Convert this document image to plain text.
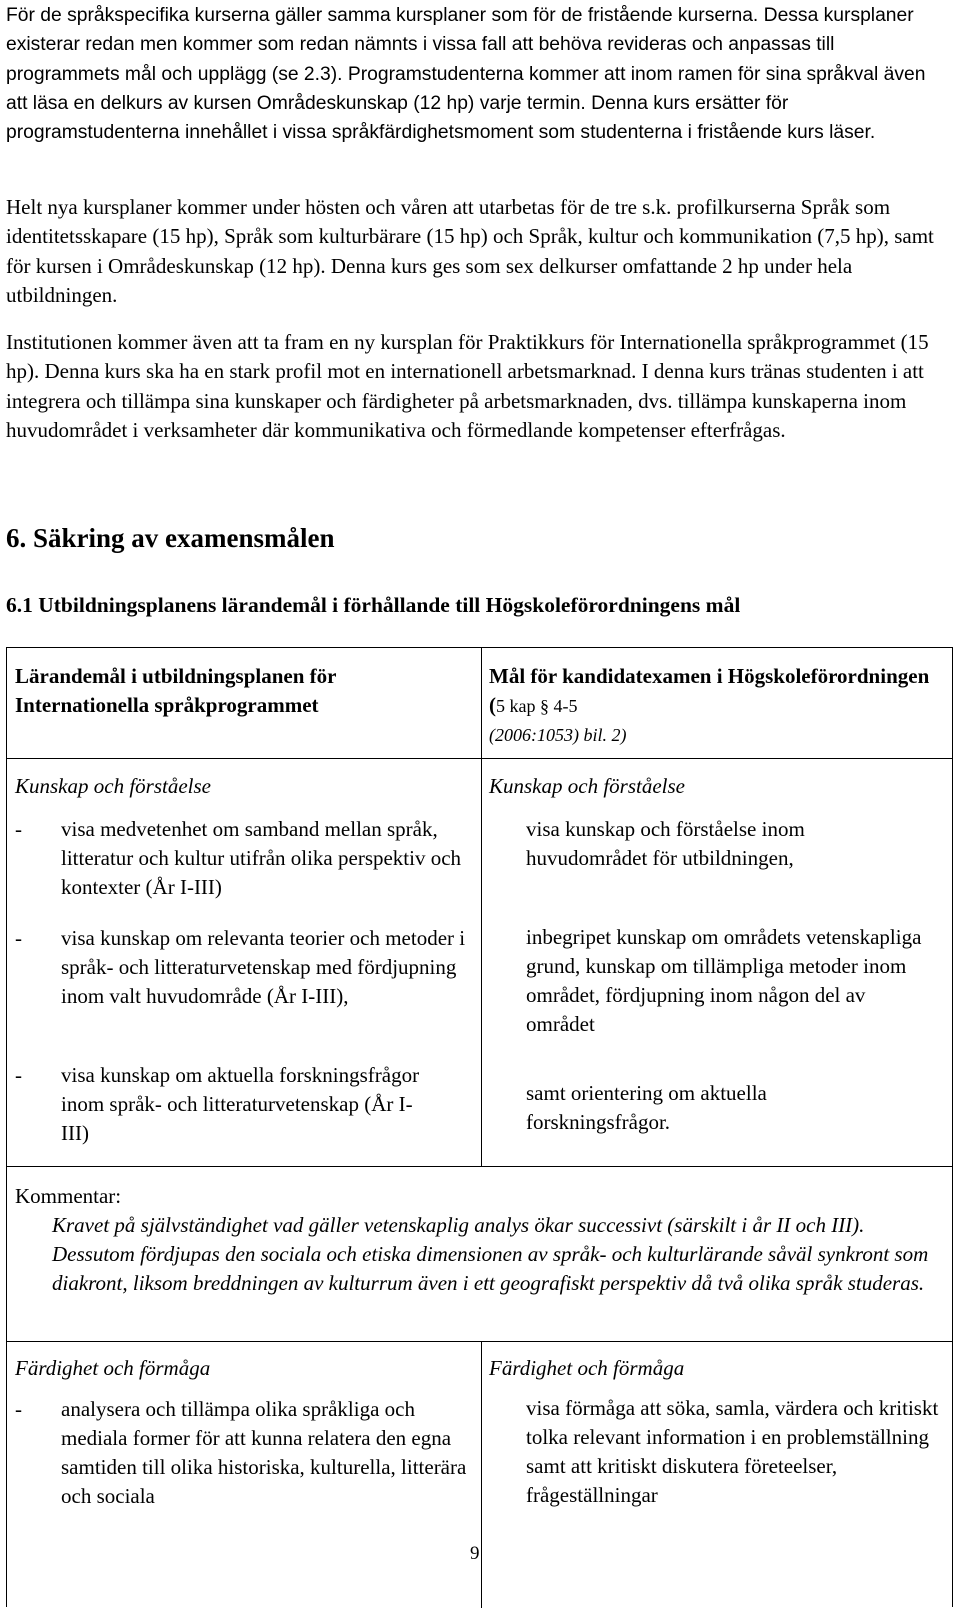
För de språkspecifika kurserna gäller samma kursplaner som för de fristående kurserna. Dessa kursplaner existerar redan men kommer som redan nämnts i vissa fall att behöva revideras och anpassas till programmets mål och upplägg (se 2.3). Programstudenterna kommer att inom ramen för sina språkval även att läsa en delkurs av kursen Områdeskunskap (12 hp) varje termin. Denna kurs ersätter för programstudenterna innehållet i vissa språkfärdighetsmoment som studenterna i fristående kurs läser.

Helt nya kursplaner kommer under hösten och våren att utarbetas för de tre s.k. profilkurserna Språk som identitetsskapare (15 hp), Språk som kulturbärare (15 hp) och Språk, kultur och kommunikation (7,5 hp), samt för kursen i Områdeskunskap (12 hp). Denna kurs ges som sex delkurser omfattande 2 hp under hela utbildningen.

Institutionen kommer även att ta fram en ny kursplan för Praktikkurs för Internationella språkprogrammet (15 hp). Denna kurs ska ha en stark profil mot en internationell arbetsmarknad. I denna kurs tränas studenten i att integrera och tillämpa sina kunskaper och färdigheter på arbetsmarknaden, dvs. tillämpa kunskaperna inom huvudområdet i verksamheter där kommunikativa och förmedlande kompetenser efterfrågas.

6. Säkring av examensmålen
6.1 Utbildningsplanens lärandemål i förhållande till Högskoleförordningens mål
Lärandemål i utbildningsplanen för Internationella språkprogrammet
Mål för kandidatexamen i Högskoleförordningen (5 kap § 4-5
(2006:1053) bil. 2)
Kunskap och förståelse	Kunskap och förståelse
- visa medvetenhet om samband mellan språk, litteratur och kultur utifrån olika perspektiv och kontexter (År I-III)
- visa kunskap om relevanta teorier och metoder i språk- och litteraturvetenskap med fördjupning inom valt huvudområde (År I-III),
- visa kunskap om aktuella forskningsfrågor inom språk- och litteraturvetenskap (År I-III)
visa kunskap och förståelse inom huvudområdet för utbildningen,
inbegripet kunskap om områdets vetenskapliga grund, kunskap om tillämpliga metoder inom området, fördjupning inom någon del av området
samt orientering om aktuella forskningsfrågor.
Kommentar:
Kravet på självständighet vad gäller vetenskaplig analys ökar successivt (särskilt i år II och III). Dessutom fördjupas den sociala och etiska dimensionen av språk- och kulturlärande såväl synkront som diakront, liksom breddningen av kulturrum även i ett geografiskt perspektiv då två olika språk studeras.
Färdighet och förmåga	Färdighet och förmåga
- analysera och tillämpa olika språkliga och mediala former för att kunna relatera den egna samtiden till olika historiska, kulturella, litterära och sociala
visa förmåga att söka, samla, värdera och kritiskt tolka relevant information i en problemställning samt att kritiskt diskutera företeelser, frågeställningar
9
